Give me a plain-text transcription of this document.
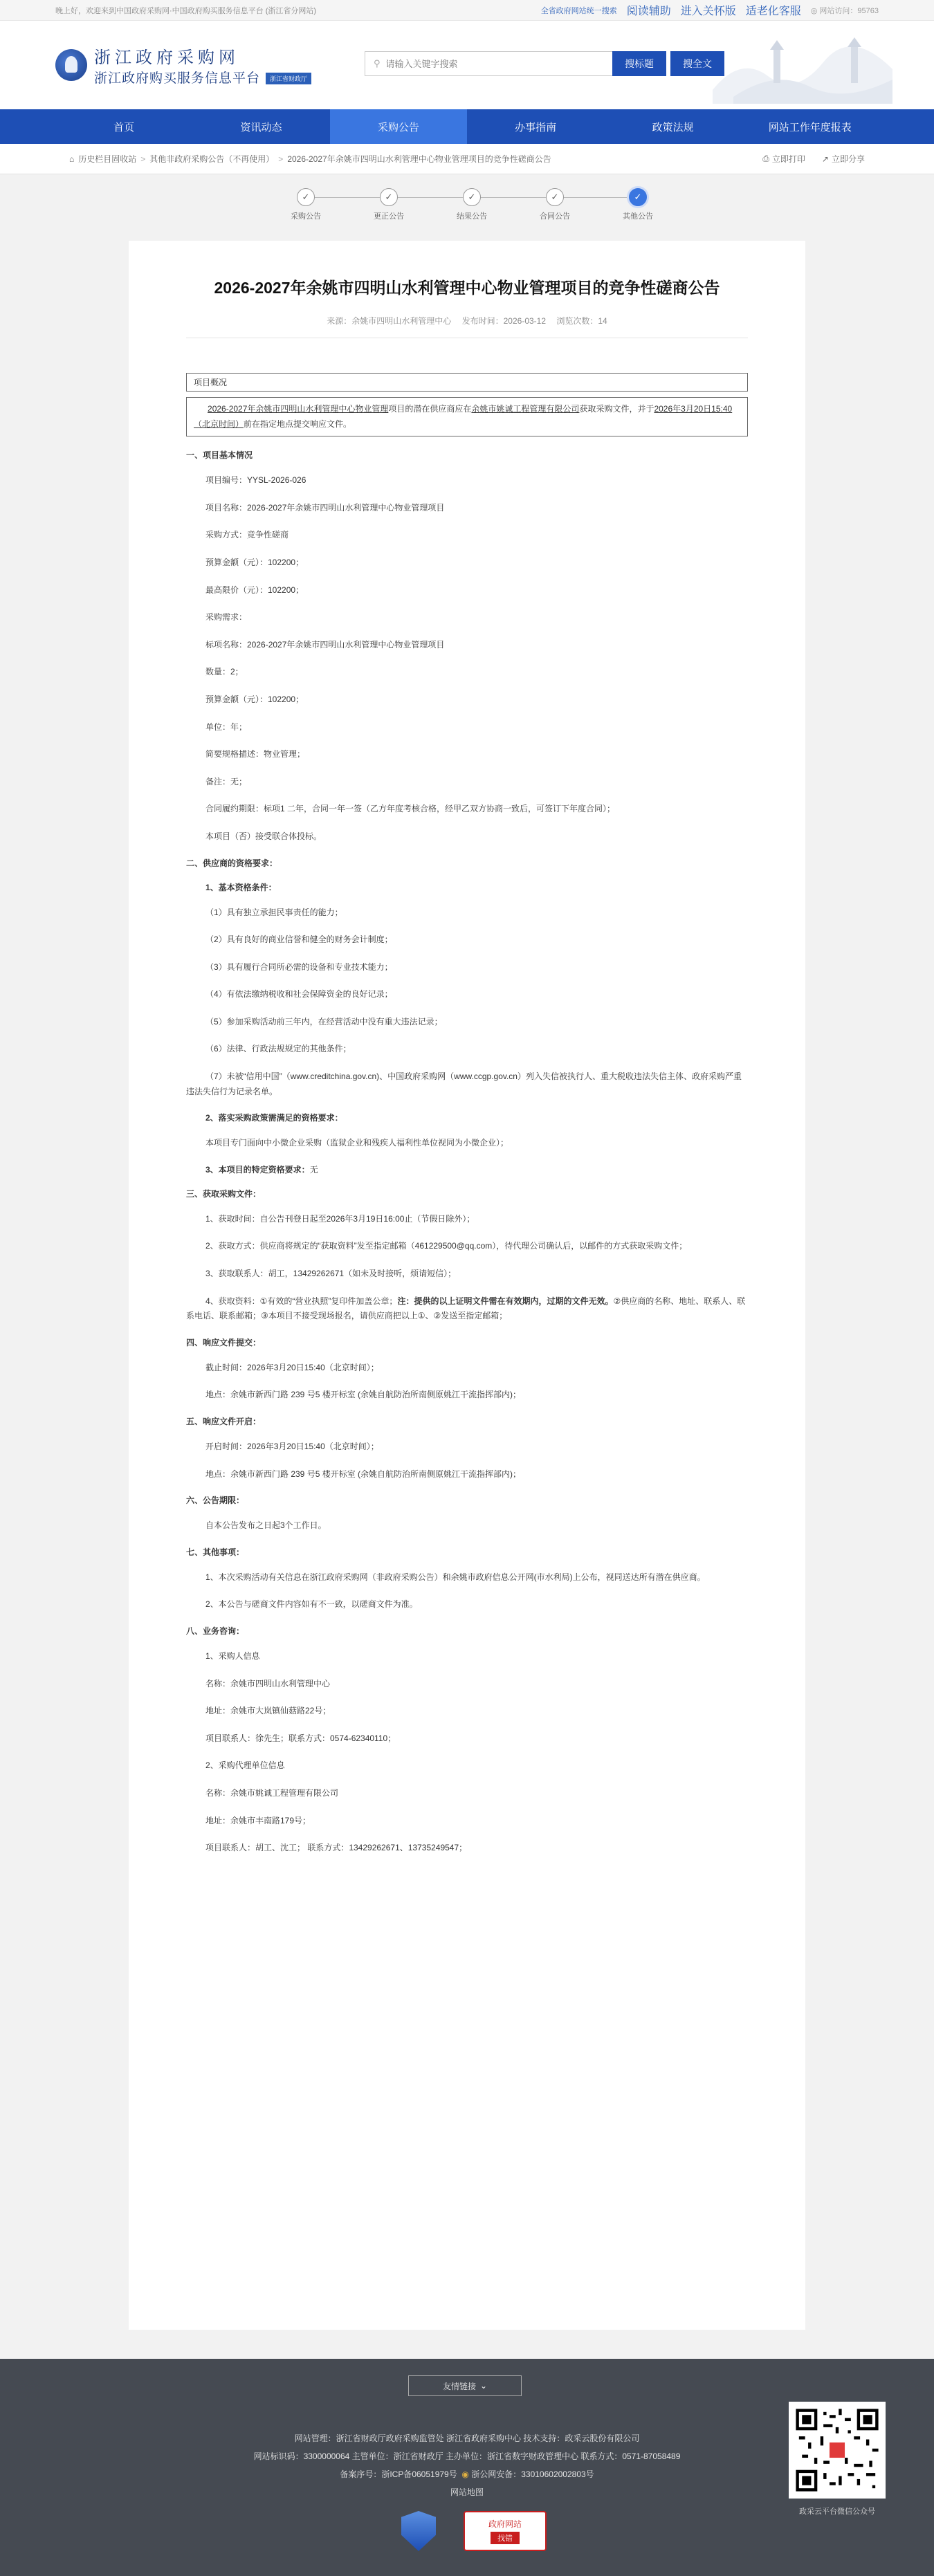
晚上好，欢迎来到中国政府采购网·中国政府购买服务信息平台 (浙江省分网站)	全省政府网站统一搜索 阅读辅助 进入关怀版 适老化客服 ◎ 网站访问：95763
浙江政府采购网
浙江政府购买服务信息平台 浙江省财政厅
⚲
请输入关键字搜索	搜标题	搜全文
首页	资讯动态	采购公告	办事指南	政策法规	网站工作年度报表
⌂ 历史栏目固收站 > 其他非政府采购公告（不再使用） > 2026-2027年余姚市四明山水利管理中心物业管理项目的竞争性磋商公告	⎙ 立即打印 ↗ 立即分享
✓
采购公告
✓
更正公告
✓
结果公告
✓
合同公告
✓
其他公告
2026-2027年余姚市四明山水利管理中心物业管理项目的竞争性磋商公告
来源：余姚市四明山水利管理中心 发布时间：2026-03-12 浏览次数：14
项目概况
2026-2027年余姚市四明山水利管理中心物业管理项目的潜在供应商应在余姚市姚诚工程管理有限公司获取采购文件，并于2026年3月20日15:40（北京时间）前在指定地点提交响应文件。
一、项目基本情况
项目编号：YYSL-2026-026
项目名称：2026-2027年余姚市四明山水利管理中心物业管理项目
采购方式：竞争性磋商
预算金额（元）：102200；
最高限价（元）：102200；
采购需求：
标项名称：2026-2027年余姚市四明山水利管理中心物业管理项目
数量：2；
预算金额（元）：102200；
单位：年；
简要规格描述：物业管理；
备注：无；
合同履约期限：标项1 二年，合同一年一签（乙方年度考核合格，经甲乙双方协商一致后，可签订下年度合同）；
本项目（否）接受联合体投标。
二、供应商的资格要求：
1、基本资格条件：
（1）具有独立承担民事责任的能力；
（2）具有良好的商业信誉和健全的财务会计制度；
（3）具有履行合同所必需的设备和专业技术能力；
（4）有依法缴纳税收和社会保障资金的良好记录；
（5）参加采购活动前三年内，在经营活动中没有重大违法记录；
（6）法律、行政法规规定的其他条件；
（7）未被“信用中国”（www.creditchina.gov.cn)、中国政府采购网（www.ccgp.gov.cn）列入失信被执行人、重大税收违法失信主体、政府采购严重违法失信行为记录名单。
2、落实采购政策需满足的资格要求：
本项目专门面向中小微企业采购（监狱企业和残疾人福利性单位视同为小微企业）；
3、本项目的特定资格要求：无
三、获取采购文件：
1、获取时间：自公告刊登日起至2026年3月19日16:00止（节假日除外）；
2、获取方式：供应商将规定的“获取资料”发至指定邮箱（461229500@qq.com），待代理公司确认后，以邮件的方式获取采购文件；
3、获取联系人：胡工，13429262671（如未及时接听，烦请短信）；
4、获取资料：①有效的“营业执照”复印件加盖公章；注：提供的以上证明文件需在有效期内，过期的文件无效。②供应商的名称、地址、联系人、联系电话、联系邮箱；③本项目不接受现场报名，请供应商把以上①、②发送至指定邮箱；
四、响应文件提交：
截止时间：2026年3月20日15:40（北京时间）；
地点：余姚市新西门路 239 号5 楼开标室 (余姚自航防治所南侧原姚江干流指挥部内)；
五、响应文件开启：
开启时间：2026年3月20日15:40（北京时间）；
地点：余姚市新西门路 239 号5 楼开标室 (余姚自航防治所南侧原姚江干流指挥部内)；
六、公告期限：
自本公告发布之日起3个工作日。
七、其他事项：
1、本次采购活动有关信息在浙江政府采购网（非政府采购公告）和余姚市政府信息公开网(市水利局)上公布，视同送达所有潜在供应商。
2、本公告与磋商文件内容如有不一致，以磋商文件为准。
八、业务咨询：
1、采购人信息
名称：余姚市四明山水利管理中心
地址：余姚市大岚镇仙菇路22号；
项目联系人：徐先生；联系方式：0574-62340110；
2、采购代理单位信息
名称：余姚市姚诚工程管理有限公司
地址：余姚市丰南路179号；
项目联系人：胡工、沈工； 联系方式：13429262671、13735249547；
友情链接 ⌄
网站管理：浙江省财政厅政府采购监管处 浙江省政府采购中心 技术支持：政采云股份有限公司
网站标识码：3300000064 主管单位：浙江省财政厅 主办单位：浙江省数字财政管理中心 联系方式：0571-87058489
备案序号：浙ICP备06051979号 ◉ 浙公网安备：33010602002803号
网站地图
政采云平台微信公众号
政府网站
找错
